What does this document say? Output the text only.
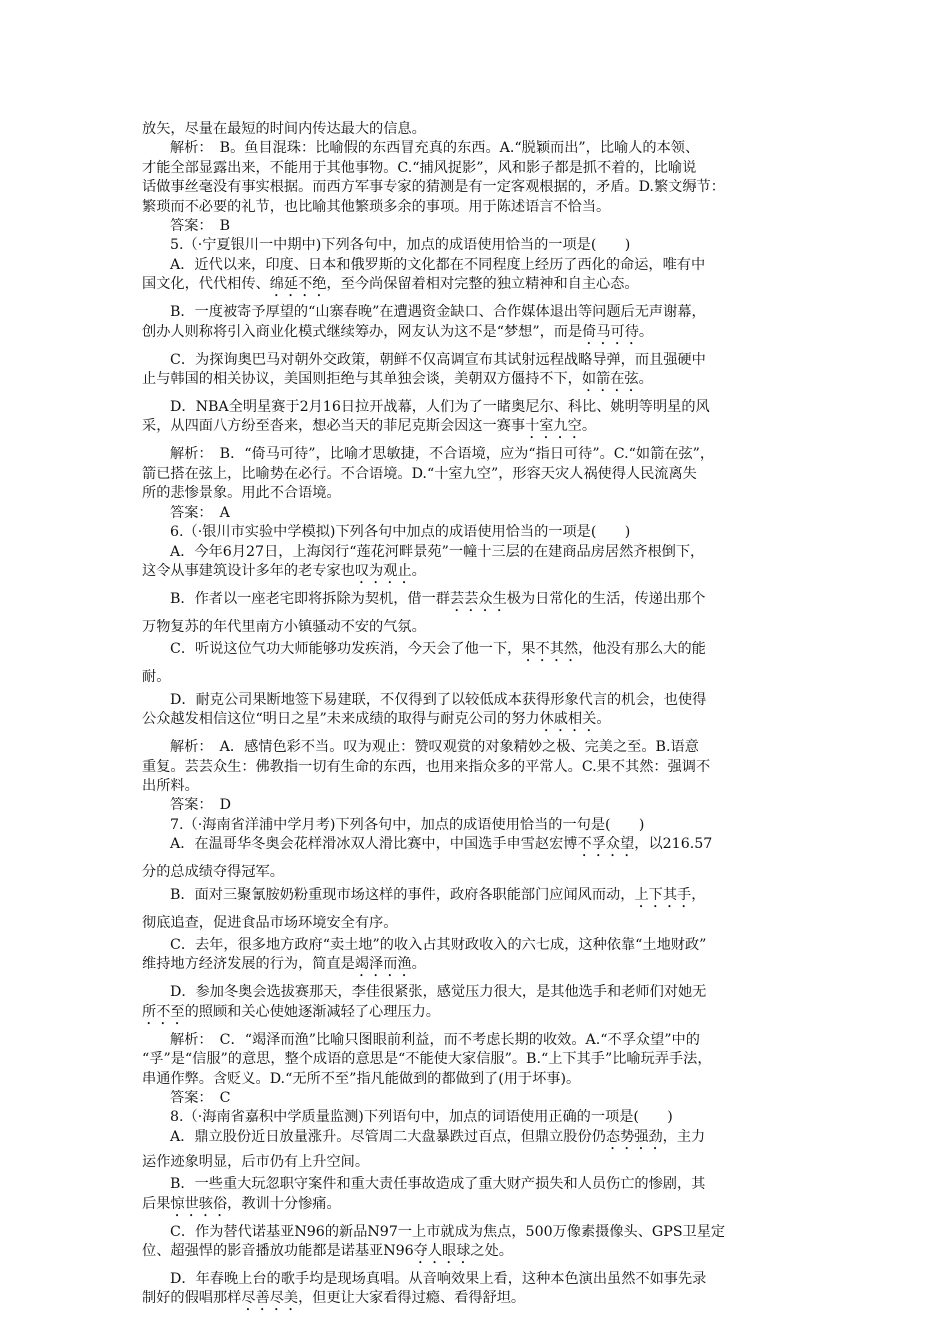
放矢，尽量在最短的时间内传达最大的信息。
解析：　B。鱼目混珠：比喻假的东西冒充真的东西。A.“脱颖而出”，比喻人的本领、
才能全部显露出来，不能用于其他事物。C.“捕风捉影”，风和影子都是抓不着的，比喻说
话做事丝毫没有事实根据。而西方军事专家的猜测是有一定客观根据的，矛盾。D.繁文缛节：
繁琐而不必要的礼节，也比喻其他繁琐多余的事项。用于陈述语言不恰当。
答案：　B
5.（·宁夏银川一中期中)下列各句中，加点的成语使用恰当的一项是(　　)
A．近代以来，印度、日本和俄罗斯的文化都在不同程度上经历了西化的命运，唯有中
国文化，代代相传、绵延不绝，至今尚保留着相对完整的独立精神和自主心态。
B．一度被寄予厚望的“山寨春晚”在遭遇资金缺口、合作媒体退出等问题后无声谢幕，
创办人则称将引入商业化模式继续筹办，网友认为这不是“梦想”，而是倚马可待。
C．为探询奥巴马对朝外交政策，朝鲜不仅高调宣布其试射远程战略导弹，而且强硬中
止与韩国的相关协议，美国则拒绝与其单独会谈，美朝双方僵持不下，如箭在弦。
D．NBA全明星赛于2月16日拉开战幕，人们为了一睹奥尼尔、科比、姚明等明星的风
采，从四面八方纷至沓来，想必当天的菲尼克斯会因这一赛事十室九空。
解析：　B．“倚马可待”，比喻才思敏捷，不合语境，应为“指日可待”。C.“如箭在弦”，
箭已搭在弦上，比喻势在必行。不合语境。D.“十室九空”，形容天灾人祸使得人民流离失
所的悲惨景象。用此不合语境。
答案：　A
6.（·银川市实验中学模拟)下列各句中加点的成语使用恰当的一项是(　　)
A．今年6月27日，上海闵行“莲花河畔景苑”一幢十三层的在建商品房居然齐根倒下，
这令从事建筑设计多年的老专家也叹为观止。
B．作者以一座老宅即将拆除为契机，借一群芸芸众生极为日常化的生活，传递出那个
万物复苏的年代里南方小镇骚动不安的气氛。
C．听说这位气功大师能够功发疾消，今天会了他一下，果不其然，他没有那么大的能
耐。
D．耐克公司果断地签下易建联，不仅得到了以较低成本获得形象代言的机会，也使得
公众越发相信这位“明日之星”未来成绩的取得与耐克公司的努力休戚相关。
解析：　A．感情色彩不当。叹为观止：赞叹观赏的对象精妙之极、完美之至。B.语意
重复。芸芸众生：佛教指一切有生命的东西，也用来指众多的平常人。C.果不其然：强调不
出所料。
答案：　D
7.（·海南省洋浦中学月考)下列各句中，加点的成语使用恰当的一句是(　　)
A．在温哥华冬奥会花样滑冰双人滑比赛中，中国选手申雪赵宏博不孚众望，以216.57
分的总成绩夺得冠军。
B．面对三聚氰胺奶粉重现市场这样的事件，政府各职能部门应闻风而动，上下其手，
彻底追查，促进食品市场环境安全有序。
C．去年，很多地方政府“卖土地”的收入占其财政收入的六七成，这种依靠“土地财政”
维持地方经济发展的行为，简直是竭泽而渔。
D．参加冬奥会选拔赛那天，李佳很紧张，感觉压力很大，是其他选手和老师们对她无
所不至的照顾和关心使她逐渐减轻了心理压力。
解析：　C．“竭泽而渔”比喻只图眼前利益，而不考虑长期的收效。A.“不孚众望”中的
“孚”是“信服”的意思，整个成语的意思是“不能使大家信服”。B.“上下其手”比喻玩弄手法，
串通作弊。含贬义。D.“无所不至”指凡能做到的都做到了(用于坏事)。
答案：　C
8.（·海南省嘉积中学质量监测)下列语句中，加点的词语使用正确的一项是(　　)
A．鼎立股份近日放量涨升。尽管周二大盘暴跌过百点，但鼎立股份仍态势强劲，主力
运作迹象明显，后市仍有上升空间。
B．一些重大玩忽职守案件和重大责任事故造成了重大财产损失和人员伤亡的惨剧，其
后果惊世骇俗，教训十分惨痛。
C．作为替代诺基亚N96的新品N97一上市就成为焦点，500万像素摄像头、GPS卫星定
位、超强悍的影音播放功能都是诺基亚N96夺人眼球之处。
D．年春晚上台的歌手均是现场真唱。从音响效果上看，这种本色演出虽然不如事先录
制好的假唱那样尽善尽美，但更让大家看得过瘾、看得舒坦。
